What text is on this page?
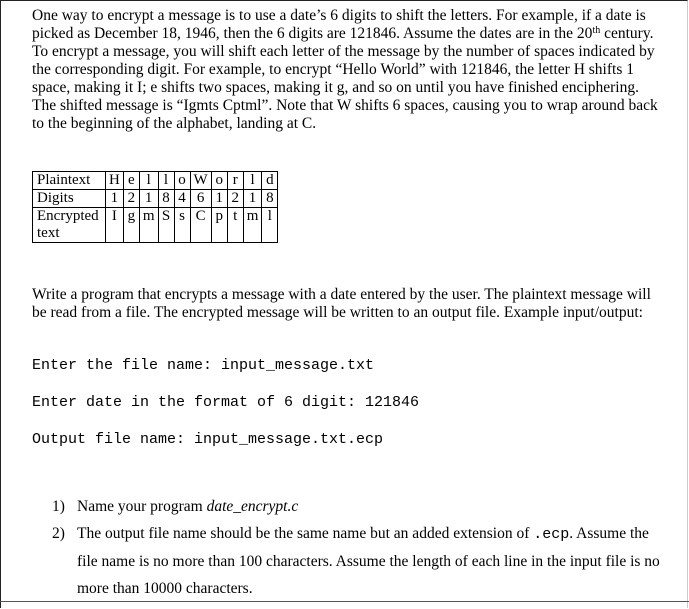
One way to encrypt a message is to use a date’s 6 digits to shift the letters. For example, if a date is picked as December 18, 1946, then the 6 digits are 121846. Assume the dates are in the 20th century. To encrypt a message, you will shift each letter of the message by the number of spaces indicated by the corresponding digit. For example, to encrypt “Hello World” with 121846, the letter H shifts 1 space, making it I; e shifts two spaces, making it g, and so on until you have finished enciphering. The shifted message is “Igmts Cptml”. Note that W shifts 6 spaces, causing you to wrap around back to the beginning of the alphabet, landing at C.

Plaintext	H	e	l	l	o	W	o	r	l	d
Digits	1	2	1	8	4	6	1	2	1	8
Encrypted text	I	g	m	S	s	C	p	t	m	l

Write a program that encrypts a message with a date entered by the user. The plaintext message will be read from a file. The encrypted message will be written to an output file. Example input/output:

Enter the file name: input_message.txt

Enter date in the format of 6 digit: 121846

Output file name: input_message.txt.ecp

1) Name your program date_encrypt.c
2) The output file name should be the same name but an added extension of .ecp. Assume the file name is no more than 100 characters. Assume the length of each line in the input file is no more than 10000 characters.
